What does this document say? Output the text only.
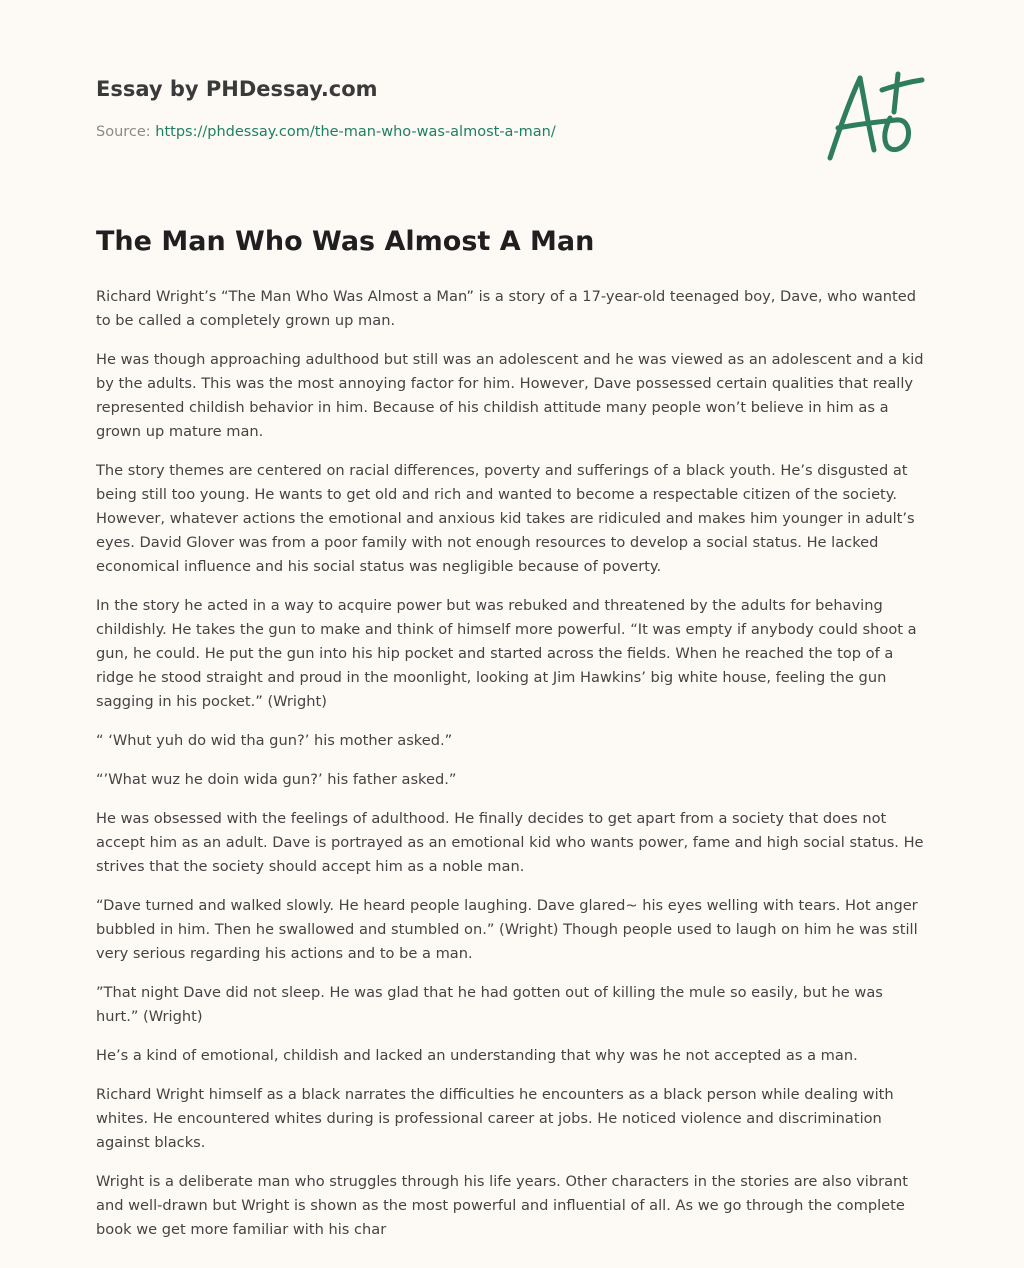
Essay by PHDessay.com
Source: https://phdessay.com/the-man-who-was-almost-a-man/
The Man Who Was Almost A Man

Richard Wright’s “The Man Who Was Almost a Man” is a story of a 17-year-old teenaged boy, Dave, who wanted to be called a completely grown up man.

He was though approaching adulthood but still was an adolescent and he was viewed as an adolescent and a kid by the adults. This was the most annoying factor for him. However, Dave possessed certain qualities that really represented childish behavior in him. Because of his childish attitude many people won’t believe in him as a grown up mature man.

The story themes are centered on racial differences, poverty and sufferings of a black youth. He’s disgusted at being still too young. He wants to get old and rich and wanted to become a respectable citizen of the society. However, whatever actions the emotional and anxious kid takes are ridiculed and makes him younger in adult’s eyes. David Glover was from a poor family with not enough resources to develop a social status. He lacked economical influence and his social status was negligible because of poverty.

In the story he acted in a way to acquire power but was rebuked and threatened by the adults for behaving childishly. He takes the gun to make and think of himself more powerful. “It was empty if anybody could shoot a gun, he could. He put the gun into his hip pocket and started across the fields. When he reached the top of a ridge he stood straight and proud in the moonlight, looking at Jim Hawkins’ big white house, feeling the gun sagging in his pocket.” (Wright)

“ ‘Whut yuh do wid tha gun?’ his mother asked.”

“’What wuz he doin wida gun?’ his father asked.”

He was obsessed with the feelings of adulthood. He finally decides to get apart from a society that does not accept him as an adult. Dave is portrayed as an emotional kid who wants power, fame and high social status. He strives that the society should accept him as a noble man.

“Dave turned and walked slowly. He heard people laughing. Dave glared~ his eyes welling with tears. Hot anger bubbled in him. Then he swallowed and stumbled on.” (Wright) Though people used to laugh on him he was still very serious regarding his actions and to be a man.

”That night Dave did not sleep. He was glad that he had gotten out of killing the mule so easily, but he was hurt.” (Wright)

He’s a kind of emotional, childish and lacked an understanding that why was he not accepted as a man.

Richard Wright himself as a black narrates the difficulties he encounters as a black person while dealing with whites. He encountered whites during is professional career at jobs. He noticed violence and discrimination against blacks.

Wright is a deliberate man who struggles through his life years. Other characters in the stories are also vibrant and well-drawn but Wright is shown as the most powerful and influential of all. As we go through the complete book we get more familiar with his char
